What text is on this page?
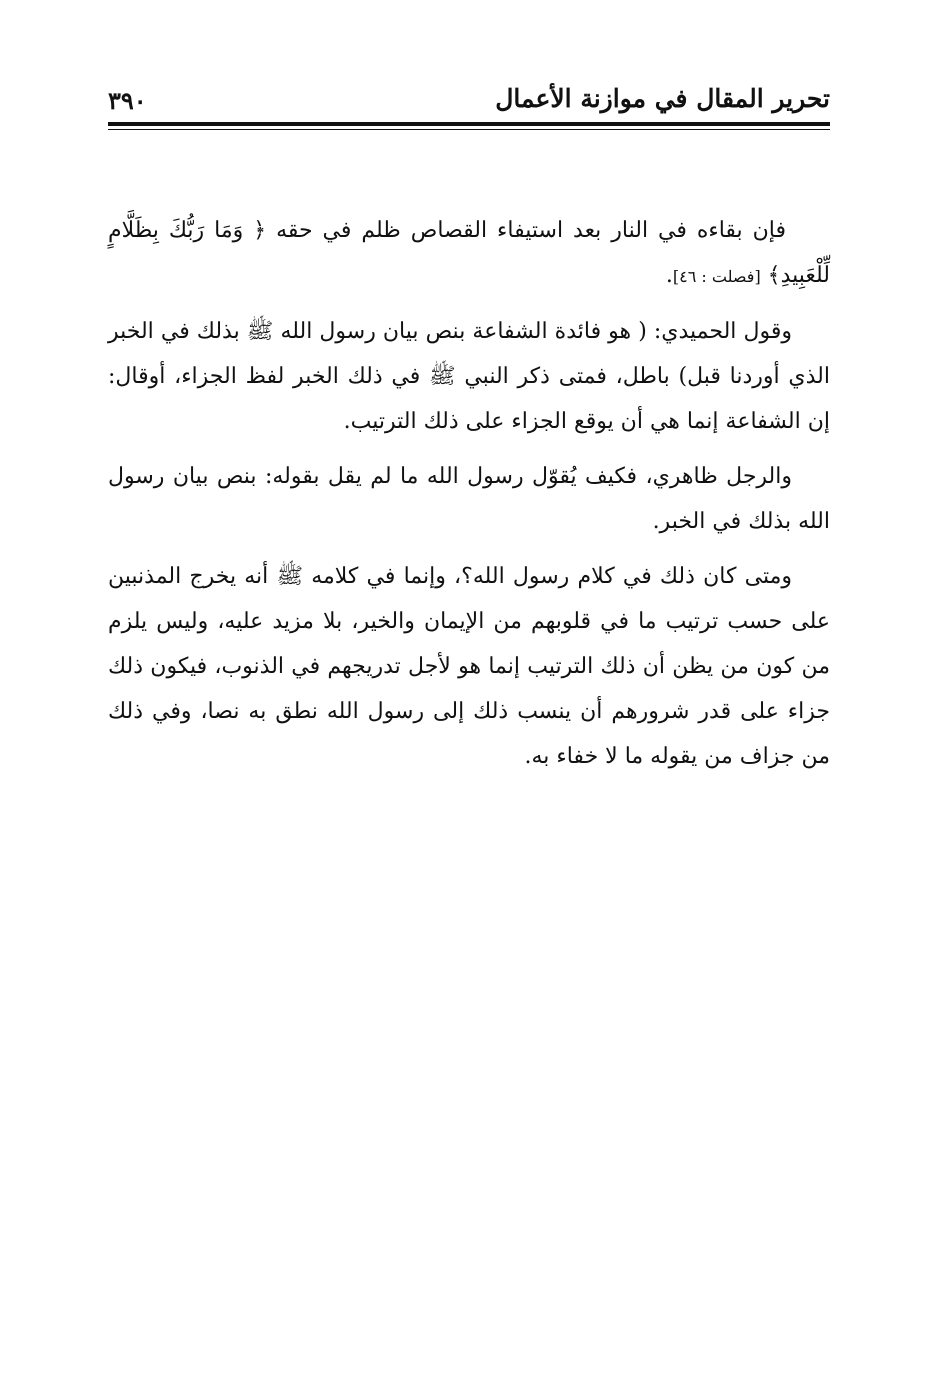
تحرير المقال في موازنة الأعمال
٣٩٠

فإن بقاءه في النار بعد استيفاء القصاص ظلم في حقه ﴿ وَمَا رَبُّكَ بِظَلَّامٍ لِّلْعَبِيدِ﴾ [فصلت : ٤٦].

وقول الحميدي: ( هو فائدة الشفاعة بنص بيان رسول الله ﷺ بذلك في الخبر الذي أوردنا قبل) باطل، فمتى ذكر النبي ﷺ في ذلك الخبر لفظ الجزاء، أوقال: إن الشفاعة إنما هي أن يوقع الجزاء على ذلك الترتيب.

والرجل ظاهري، فكيف يُقوّل رسول الله ما لم يقل بقوله: بنص بيان رسول الله بذلك في الخبر.

ومتى كان ذلك في كلام رسول الله؟، وإنما في كلامه ﷺ أنه يخرج المذنبين على حسب ترتيب ما في قلوبهم من الإيمان والخير، بلا مزيد عليه، وليس يلزم من كون من يظن أن ذلك الترتيب إنما هو لأجل تدريجهم في الذنوب، فيكون ذلك جزاء على قدر شرورهم أن ينسب ذلك إلى رسول الله نطق به نصا، وفي ذلك من جزاف من يقوله ما لا خفاء به.
